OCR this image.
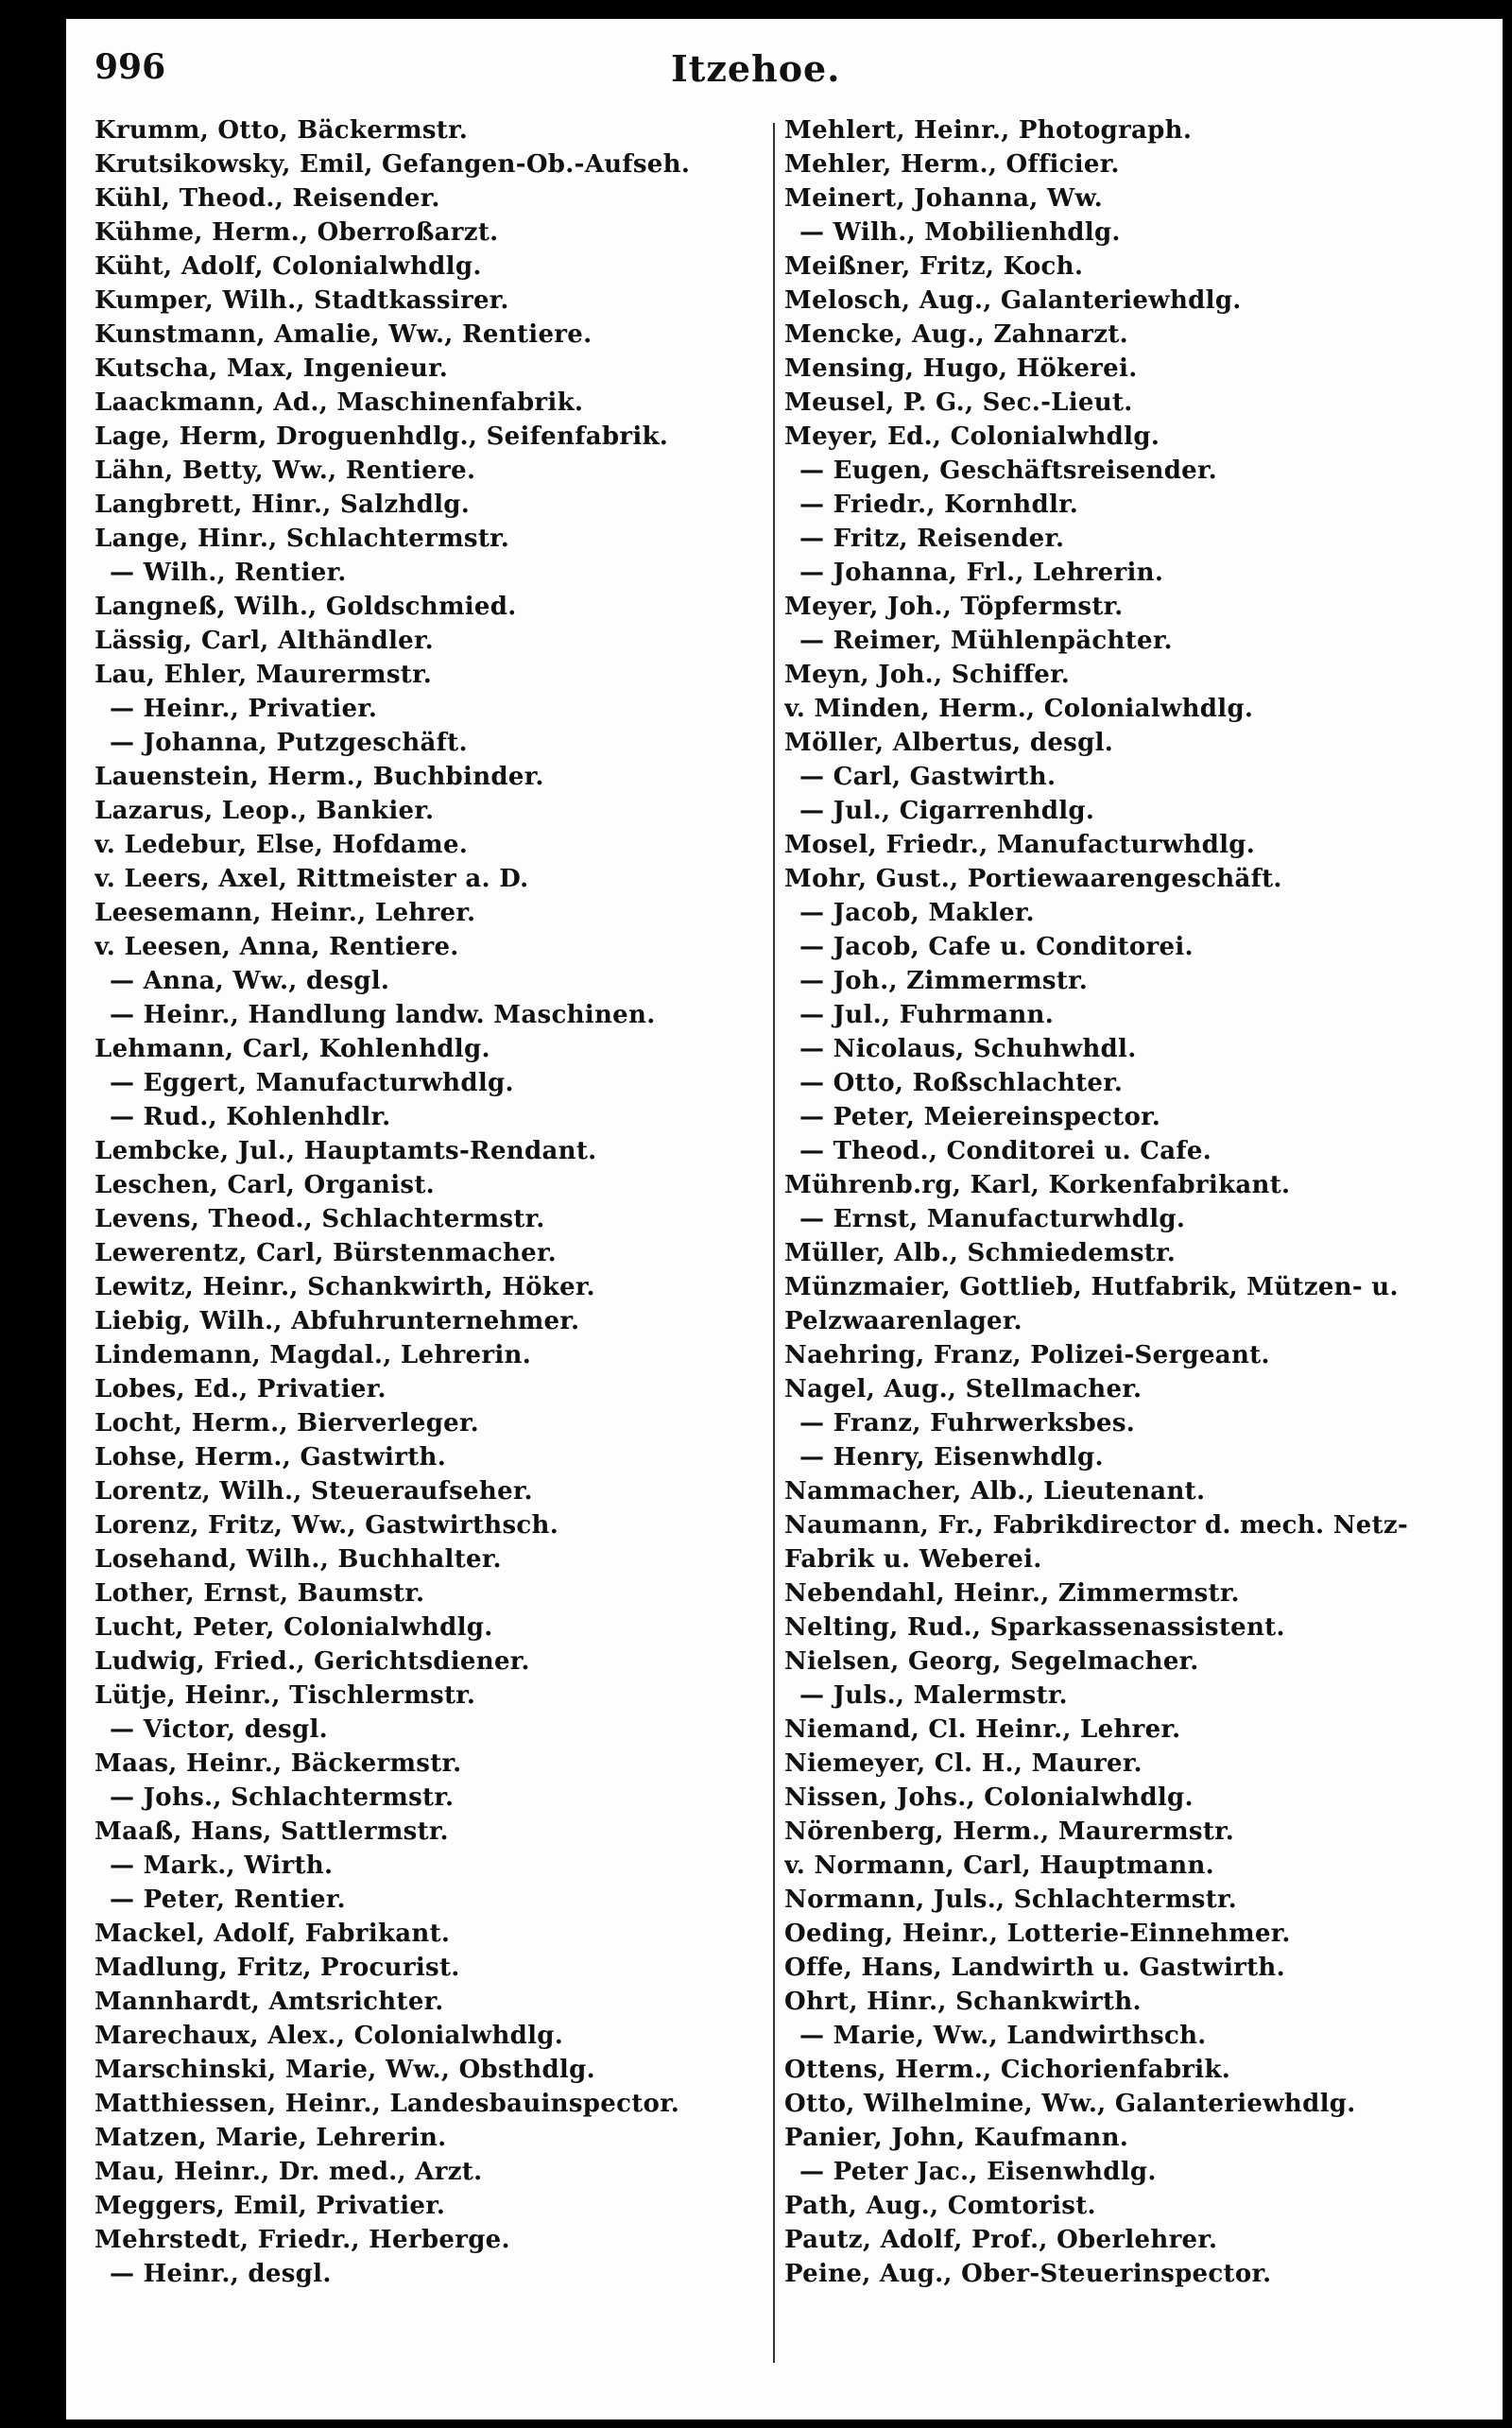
996	Itzehoe.
Krumm, Otto, Bäckermstr.
Krutsikowsky, Emil, Gefangen-Ob.-Aufseh.
Kühl, Theod., Reisender.
Kühme, Herm., Oberroßarzt.
Küht, Adolf, Colonialwhdlg.
Kumper, Wilh., Stadtkassirer.
Kunstmann, Amalie, Ww., Rentiere.
Kutscha, Max, Ingenieur.
Laackmann, Ad., Maschinenfabrik.
Lage, Herm, Droguenhdlg., Seifenfabrik.
Lähn, Betty, Ww., Rentiere.
Langbrett, Hinr., Salzhdlg.
Lange, Hinr., Schlachtermstr.
— Wilh., Rentier.
Langneß, Wilh., Goldschmied.
Lässig, Carl, Althändler.
Lau, Ehler, Maurermstr.
— Heinr., Privatier.
— Johanna, Putzgeschäft.
Lauenstein, Herm., Buchbinder.
Lazarus, Leop., Bankier.
v. Ledebur, Else, Hofdame.
v. Leers, Axel, Rittmeister a. D.
Leesemann, Heinr., Lehrer.
v. Leesen, Anna, Rentiere.
— Anna, Ww., desgl.
— Heinr., Handlung landw. Maschinen.
Lehmann, Carl, Kohlenhdlg.
— Eggert, Manufacturwhdlg.
— Rud., Kohlenhdlr.
Lembcke, Jul., Hauptamts-Rendant.
Leschen, Carl, Organist.
Levens, Theod., Schlachtermstr.
Lewerentz, Carl, Bürstenmacher.
Lewitz, Heinr., Schankwirth, Höker.
Liebig, Wilh., Abfuhrunternehmer.
Lindemann, Magdal., Lehrerin.
Lobes, Ed., Privatier.
Locht, Herm., Bierverleger.
Lohse, Herm., Gastwirth.
Lorentz, Wilh., Steueraufseher.
Lorenz, Fritz, Ww., Gastwirthsch.
Losehand, Wilh., Buchhalter.
Lother, Ernst, Baumstr.
Lucht, Peter, Colonialwhdlg.
Ludwig, Fried., Gerichtsdiener.
Lütje, Heinr., Tischlermstr.
— Victor, desgl.
Maas, Heinr., Bäckermstr.
— Johs., Schlachtermstr.
Maaß, Hans, Sattlermstr.
— Mark., Wirth.
— Peter, Rentier.
Mackel, Adolf, Fabrikant.
Madlung, Fritz, Procurist.
Mannhardt, Amtsrichter.
Marechaux, Alex., Colonialwhdlg.
Marschinski, Marie, Ww., Obsthdlg.
Matthiessen, Heinr., Landesbauinspector.
Matzen, Marie, Lehrerin.
Mau, Heinr., Dr. med., Arzt.
Meggers, Emil, Privatier.
Mehrstedt, Friedr., Herberge.
— Heinr., desgl.
Mehlert, Heinr., Photograph.
Mehler, Herm., Officier.
Meinert, Johanna, Ww.
— Wilh., Mobilienhdlg.
Meißner, Fritz, Koch.
Melosch, Aug., Galanteriewhdlg.
Mencke, Aug., Zahnarzt.
Mensing, Hugo, Hökerei.
Meusel, P. G., Sec.-Lieut.
Meyer, Ed., Colonialwhdlg.
— Eugen, Geschäftsreisender.
— Friedr., Kornhdlr.
— Fritz, Reisender.
— Johanna, Frl., Lehrerin.
Meyer, Joh., Töpfermstr.
— Reimer, Mühlenpächter.
Meyn, Joh., Schiffer.
v. Minden, Herm., Colonialwhdlg.
Möller, Albertus, desgl.
— Carl, Gastwirth.
— Jul., Cigarrenhdlg.
Mosel, Friedr., Manufacturwhdlg.
Mohr, Gust., Portiewaarengeschäft.
— Jacob, Makler.
— Jacob, Cafe u. Conditorei.
— Joh., Zimmermstr.
— Jul., Fuhrmann.
— Nicolaus, Schuhwhdl.
— Otto, Roßschlachter.
— Peter, Meiereinspector.
— Theod., Conditorei u. Cafe.
Mührenb.rg, Karl, Korkenfabrikant.
— Ernst, Manufacturwhdlg.
Müller, Alb., Schmiedemstr.
Münzmaier, Gottlieb, Hutfabrik, Mützen- u. Pelzwaarenlager.
Naehring, Franz, Polizei-Sergeant.
Nagel, Aug., Stellmacher.
— Franz, Fuhrwerksbes.
— Henry, Eisenwhdlg.
Nammacher, Alb., Lieutenant.
Naumann, Fr., Fabrikdirector d. mech. Netz-Fabrik u. Weberei.
Nebendahl, Heinr., Zimmermstr.
Nelting, Rud., Sparkassenassistent.
Nielsen, Georg, Segelmacher.
— Juls., Malermstr.
Niemand, Cl. Heinr., Lehrer.
Niemeyer, Cl. H., Maurer.
Nissen, Johs., Colonialwhdlg.
Nörenberg, Herm., Maurermstr.
v. Normann, Carl, Hauptmann.
Normann, Juls., Schlachtermstr.
Oeding, Heinr., Lotterie-Einnehmer.
Offe, Hans, Landwirth u. Gastwirth.
Ohrt, Hinr., Schankwirth.
— Marie, Ww., Landwirthsch.
Ottens, Herm., Cichorienfabrik.
Otto, Wilhelmine, Ww., Galanteriewhdlg.
Panier, John, Kaufmann.
— Peter Jac., Eisenwhdlg.
Path, Aug., Comtorist.
Pautz, Adolf, Prof., Oberlehrer.
Peine, Aug., Ober-Steuerinspector.
